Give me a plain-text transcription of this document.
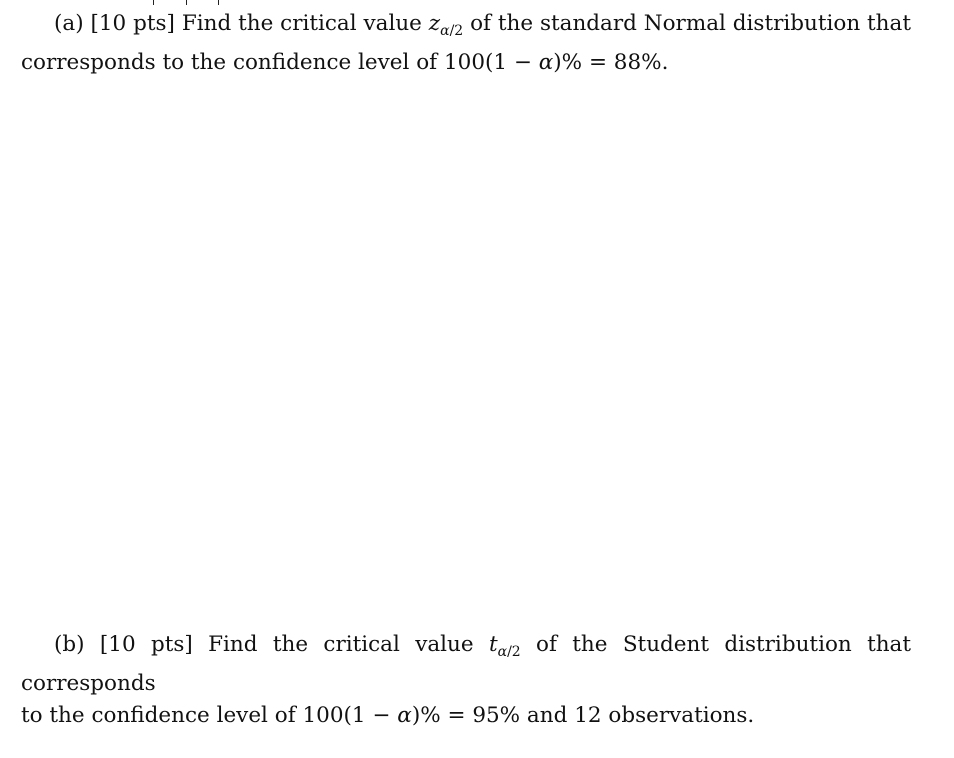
(a) [10 pts] Find the critical value $z_{\alpha/2}$ of the standard Normal distribution that
corresponds to the confidence level of 100(1 − α)% = 88%.
(b) [10 pts] Find the critical value $t_{\alpha/2}$ of the Student distribution that corresponds
to the confidence level of 100(1 − α)% = 95% and 12 observations.
